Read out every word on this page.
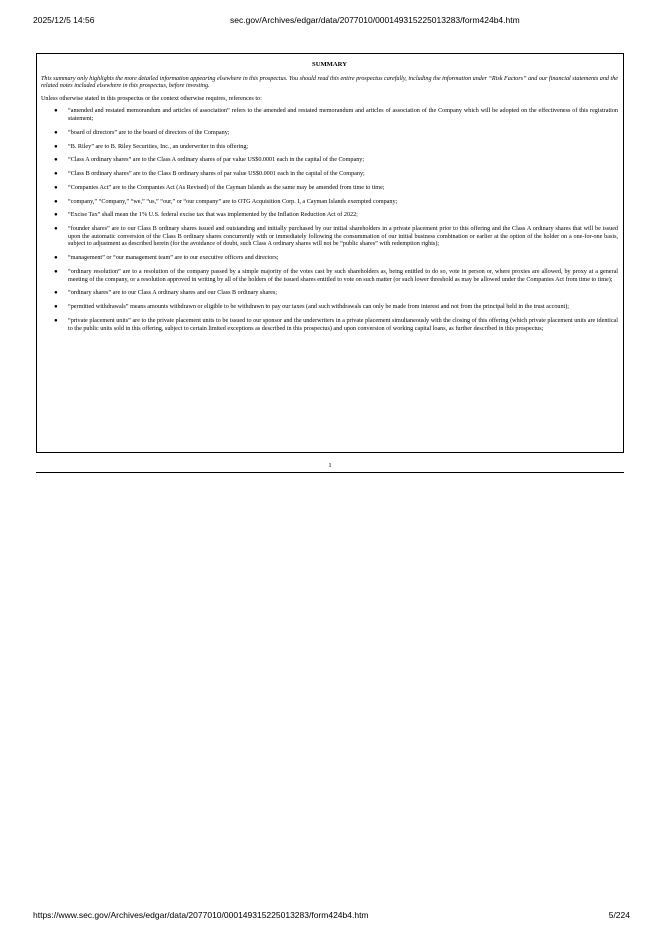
2025/12/5 14:56	sec.gov/Archives/edgar/data/2077010/000149315225013283/form424b4.htm
SUMMARY

This summary only highlights the more detailed information appearing elsewhere in this prospectus. You should read this entire prospectus carefully, including the information under “Risk Factors” and our financial statements and the related notes included elsewhere in this prospectus, before investing.

Unless otherwise stated in this prospectus or the context otherwise requires, references to:

● “amended and restated memorandum and articles of association” refers to the amended and restated memorandum and articles of association of the Company which will be adopted on the effectiveness of this registration statement;
● “board of directors” are to the board of directors of the Company;
● “B. Riley” are to B. Riley Securities, Inc., an underwriter in this offering;
● “Class A ordinary shares” are to the Class A ordinary shares of par value US$0.0001 each in the capital of the Company;
● “Class B ordinary shares” are to the Class B ordinary shares of par value US$0.0001 each in the capital of the Company;
● “Companies Act” are to the Companies Act (As Revised) of the Cayman Islands as the same may be amended from time to time;
● “company,” “Company,” “we,” “us,” “our,” or “our company” are to OTG Acquisition Corp. I, a Cayman Islands exempted company;
● “Excise Tax” shall mean the 1% U.S. federal excise tax that was implemented by the Inflation Reduction Act of 2022;
● “founder shares” are to our Class B ordinary shares issued and outstanding and initially purchased by our initial shareholders in a private placement prior to this offering and the Class A ordinary shares that will be issued upon the automatic conversion of the Class B ordinary shares concurrently with or immediately following the consummation of our initial business combination or earlier at the option of the holder on a one-for-one basis, subject to adjustment as described herein (for the avoidance of doubt, such Class A ordinary shares will not be “public shares” with redemption rights);
● “management” or “our management team” are to our executive officers and directors;
● “ordinary resolution” are to a resolution of the company passed by a simple majority of the votes cast by such shareholders as, being entitled to do so, vote in person or, where proxies are allowed, by proxy at a general meeting of the company, or a resolution approved in writing by all of the holders of the issued shares entitled to vote on such matter (or such lower threshold as may be allowed under the Companies Act from time to time);
● “ordinary shares” are to our Class A ordinary shares and our Class B ordinary shares;
● “permitted withdrawals” means amounts withdrawn or eligible to be withdrawn to pay our taxes (and such withdrawals can only be made from interest and not from the principal held in the trust account);
● “private placement units” are to the private placement units to be issued to our sponsor and the underwriters in a private placement simultaneously with the closing of this offering (which private placement units are identical to the public units sold in this offering, subject to certain limited exceptions as described in this prospectus) and upon conversion of working capital loans, as further described in this prospectus;
1
https://www.sec.gov/Archives/edgar/data/2077010/000149315225013283/form424b4.htm	5/224
